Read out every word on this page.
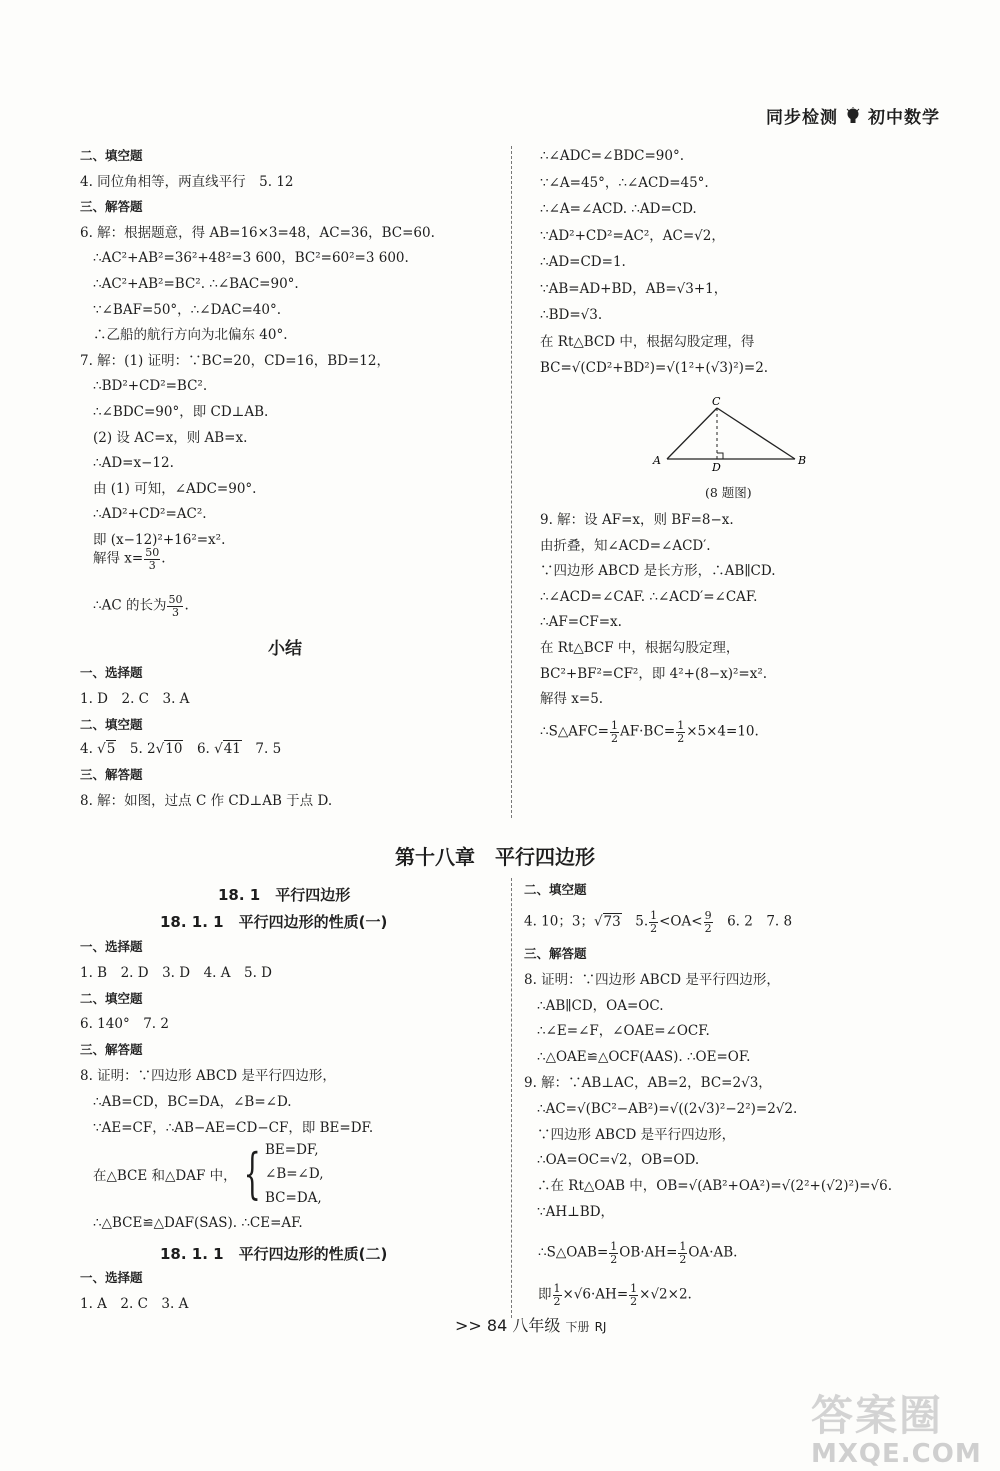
同步检测 初中数学
二、填空题
4. 同位角相等，两直线平行　5. 12
三、解答题
6. 解：根据题意，得 AB=16×3=48，AC=36，BC=60.
∴AC²+AB²=36²+48²=3 600，BC²=60²=3 600.
∴AC²+AB²=BC². ∴∠BAC=90°.
∵∠BAF=50°，∴∠DAC=40°.
∴乙船的航行方向为北偏东 40°.
7. 解：(1) 证明：∵BC=20，CD=16，BD=12，
∴BD²+CD²=BC².
∴∠BDC=90°，即 CD⊥AB.
(2) 设 AC=x，则 AB=x.
∴AD=x−12.
由 (1) 可知，∠ADC=90°.
∴AD²+CD²=AC².
即 (x−12)²+16²=x².
解得 $x= \frac{50}{3}$ .
∴AC 的长为 $\frac{50}{3}$ .
小结
一、选择题
1. D　2. C　3. A
二、填空题
4. √5　 5. 2√10　 6. √41　 7. 5
三、解答题
8. 解：如图，过点 C 作 CD⊥AB 于点 D.
∴∠ADC=∠BDC=90°.
∵∠A=45°，∴∠ACD=45°.
∴∠A=∠ACD. ∴AD=CD.
∵AD²+CD²=AC²，AC=√2，
∴AD=CD=1.
∵AB=AD+BD，AB=√3+1，
∴BD=√3.
在 Rt△BCD 中，根据勾股定理，得
BC=√(CD²+BD²)=√(1²+(√3)²)=2.
A	B
C
D
(8 题图)
9. 解：设 AF=x，则 BF=8−x.
由折叠，知∠ACD=∠ACD′.
∵四边形 ABCD 是长方形，∴AB∥CD.
∴∠ACD=∠CAF. ∴∠ACD′=∠CAF.
∴AF=CF=x.
在 Rt△BCF 中，根据勾股定理，
BC²+BF²=CF²，即 4²+(8−x)²=x².
解得 x=5.
∴S△AFC= $\frac{1}{2} AF\cdot BC= \frac{1}{2} \times 5\times 4=10$.
第十八章　平行四边形
18. 1　平行四边形
18. 1. 1　平行四边形的性质(一)
一、选择题
1. B　2. D　3. D　4. A　5. D
二、填空题
6. 140°　7. 2
三、解答题
8. 证明：∵四边形 ABCD 是平行四边形，
∴AB=CD，BC=DA，∠B=∠D.
∵AE=CF，∴AB−AE=CD−CF，即 BE=DF.
在△BCE 和△DAF 中， { BE=DF,
∠B=∠D,
BC=DA,
∴△BCE≌△DAF(SAS). ∴CE=AF.
18. 1. 1　平行四边形的性质(二)
一、选择题
1. A　2. C　3. A
二、填空题
4. 10；3；√73　 5. $\frac{1}{2} <OA< \frac{9}{2}$
　 6. 2　7. 8
三、解答题
8. 证明：∵四边形 ABCD 是平行四边形，
∴AB∥CD，OA=OC.
∴∠E=∠F，∠OAE=∠OCF.
∴△OAE≌△OCF(AAS). ∴OE=OF.
9. 解：∵AB⊥AC，AB=2，BC=2√3，
∴AC=√(BC²−AB²)=√((2√3)²−2²)=2√2.
∵四边形 ABCD 是平行四边形，
∴OA=OC=√2，OB=OD.
∴在 Rt△OAB 中，OB=√(AB²+OA²)=√(2²+(√2)²)=√6.
∵AH⊥BD，
∴S△OAB= $\frac{1}{2} OB\cdot AH= \frac{1}{2} OA\cdot AB$.
即 $\frac{1}{2} \times√6\cdot AH= \frac{1}{2} \times√2\times 2$.
>> 84 八年级 下册 RJ
答案圈
MXQE.COM
